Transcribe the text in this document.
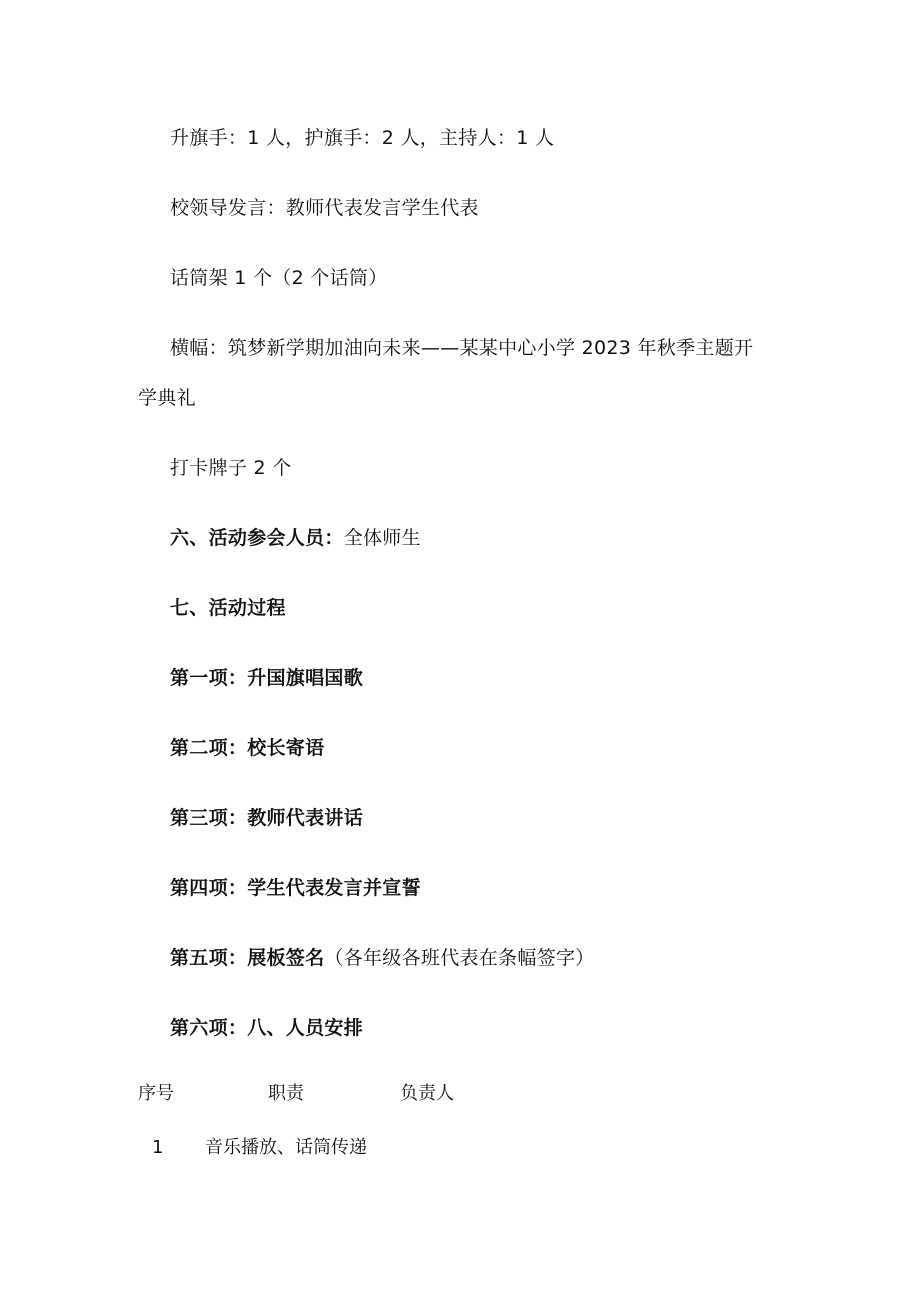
升旗手：1 人，护旗手：2 人，主持人：1 人
校领导发言：教师代表发言学生代表
话筒架 1 个（2 个话筒）
横幅：筑梦新学期加油向未来——某某中心小学 2023 年秋季主题开
学典礼
打卡牌子 2 个
六、活动参会人员：全体师生
七、活动过程
第一项：升国旗唱国歌
第二项：校长寄语
第三项：教师代表讲话
第四项：学生代表发言并宣誓
第五项：展板签名（各年级各班代表在条幅签字）
第六项：八、人员安排
序号	职责	负责人
1 音乐播放、话筒传递
